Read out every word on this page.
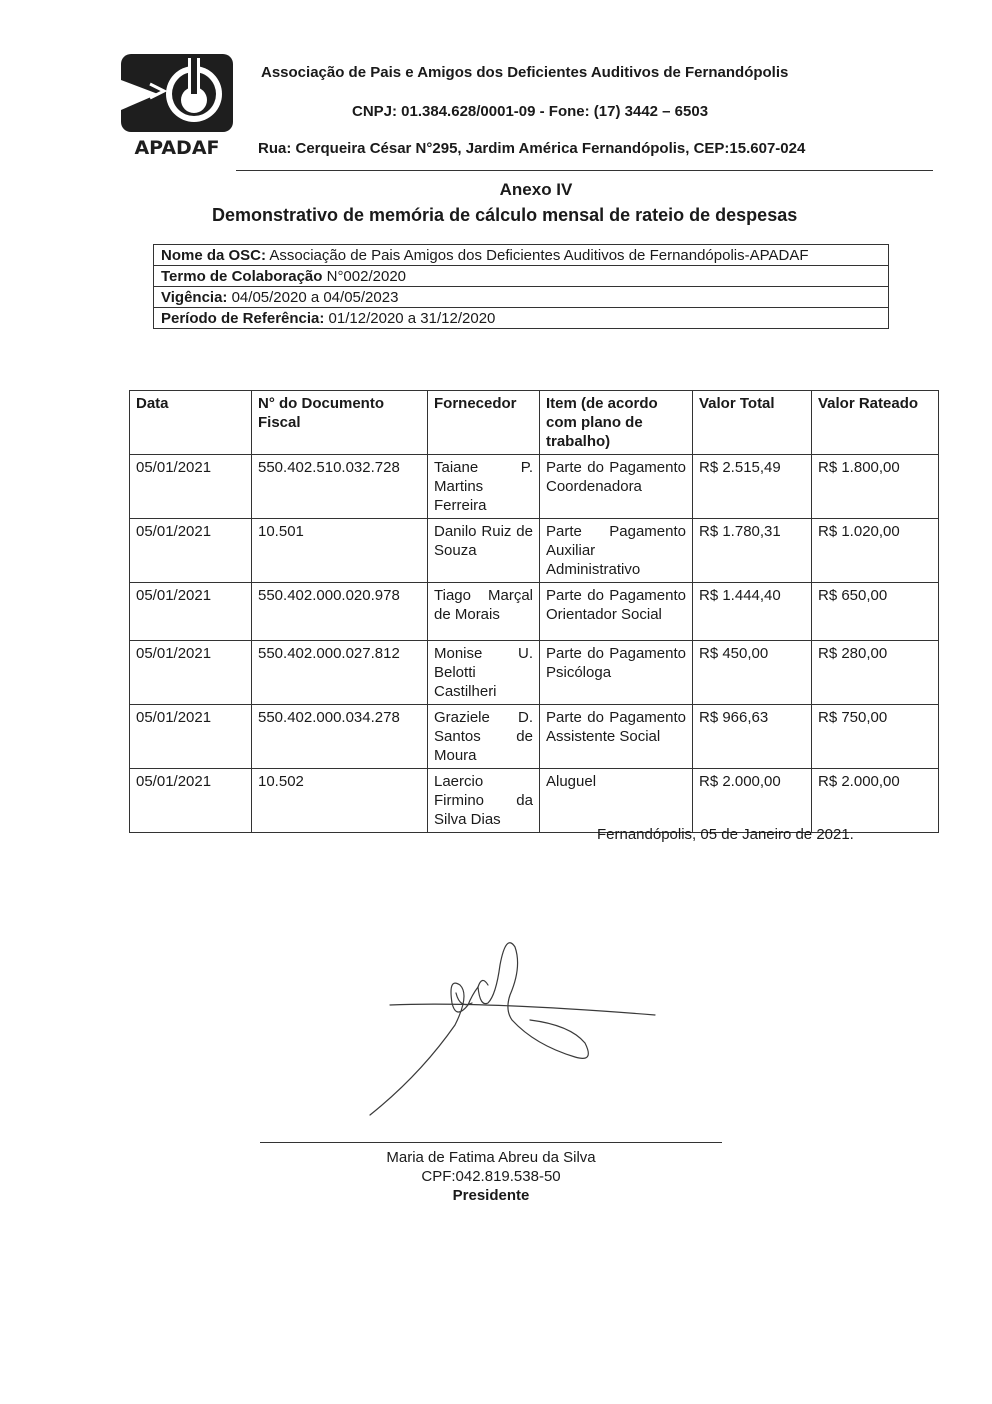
APADAF
Associação de Pais e Amigos dos Deficientes Auditivos de Fernandópolis
CNPJ: 01.384.628/0001-09 - Fone: (17) 3442 – 6503
Rua: Cerqueira César N°295, Jardim América Fernandópolis, CEP:15.607-024
Anexo IV
Demonstrativo de memória de cálculo mensal de rateio de despesas
Nome da OSC: Associação de Pais Amigos dos Deficientes Auditivos de Fernandópolis-APADAF
Termo de Colaboração N°002/2020
Vigência: 04/05/2020 a 04/05/2023
Período de Referência: 01/12/2020 a 31/12/2020
Data	N° do Documento Fiscal	Fornecedor	Item (de acordo com plano de trabalho)	Valor Total	Valor Rateado
05/01/2021	550.402.510.032.728	Taiane P. Martins Ferreira	Parte do Pagamento Coordenadora	R$ 2.515,49	R$ 1.800,00
05/01/2021	10.501	Danilo Ruiz de Souza	Parte Pagamento Auxiliar Administrativo	R$ 1.780,31	R$ 1.020,00
05/01/2021	550.402.000.020.978	Tiago Marçal de Morais	Parte do Pagamento Orientador Social	R$ 1.444,40	R$ 650,00
05/01/2021	550.402.000.027.812	Monise U. Belotti Castilheri	Parte do Pagamento Psicóloga	R$ 450,00	R$ 280,00
05/01/2021	550.402.000.034.278	Graziele D. Santos de Moura	Parte do Pagamento Assistente Social	R$ 966,63	R$ 750,00
05/01/2021	10.502	Laercio Firmino da Silva Dias	Aluguel	R$ 2.000,00	R$ 2.000,00
Fernandópolis, 05 de Janeiro de 2021.
Maria de Fatima Abreu da Silva
CPF:042.819.538-50
Presidente
